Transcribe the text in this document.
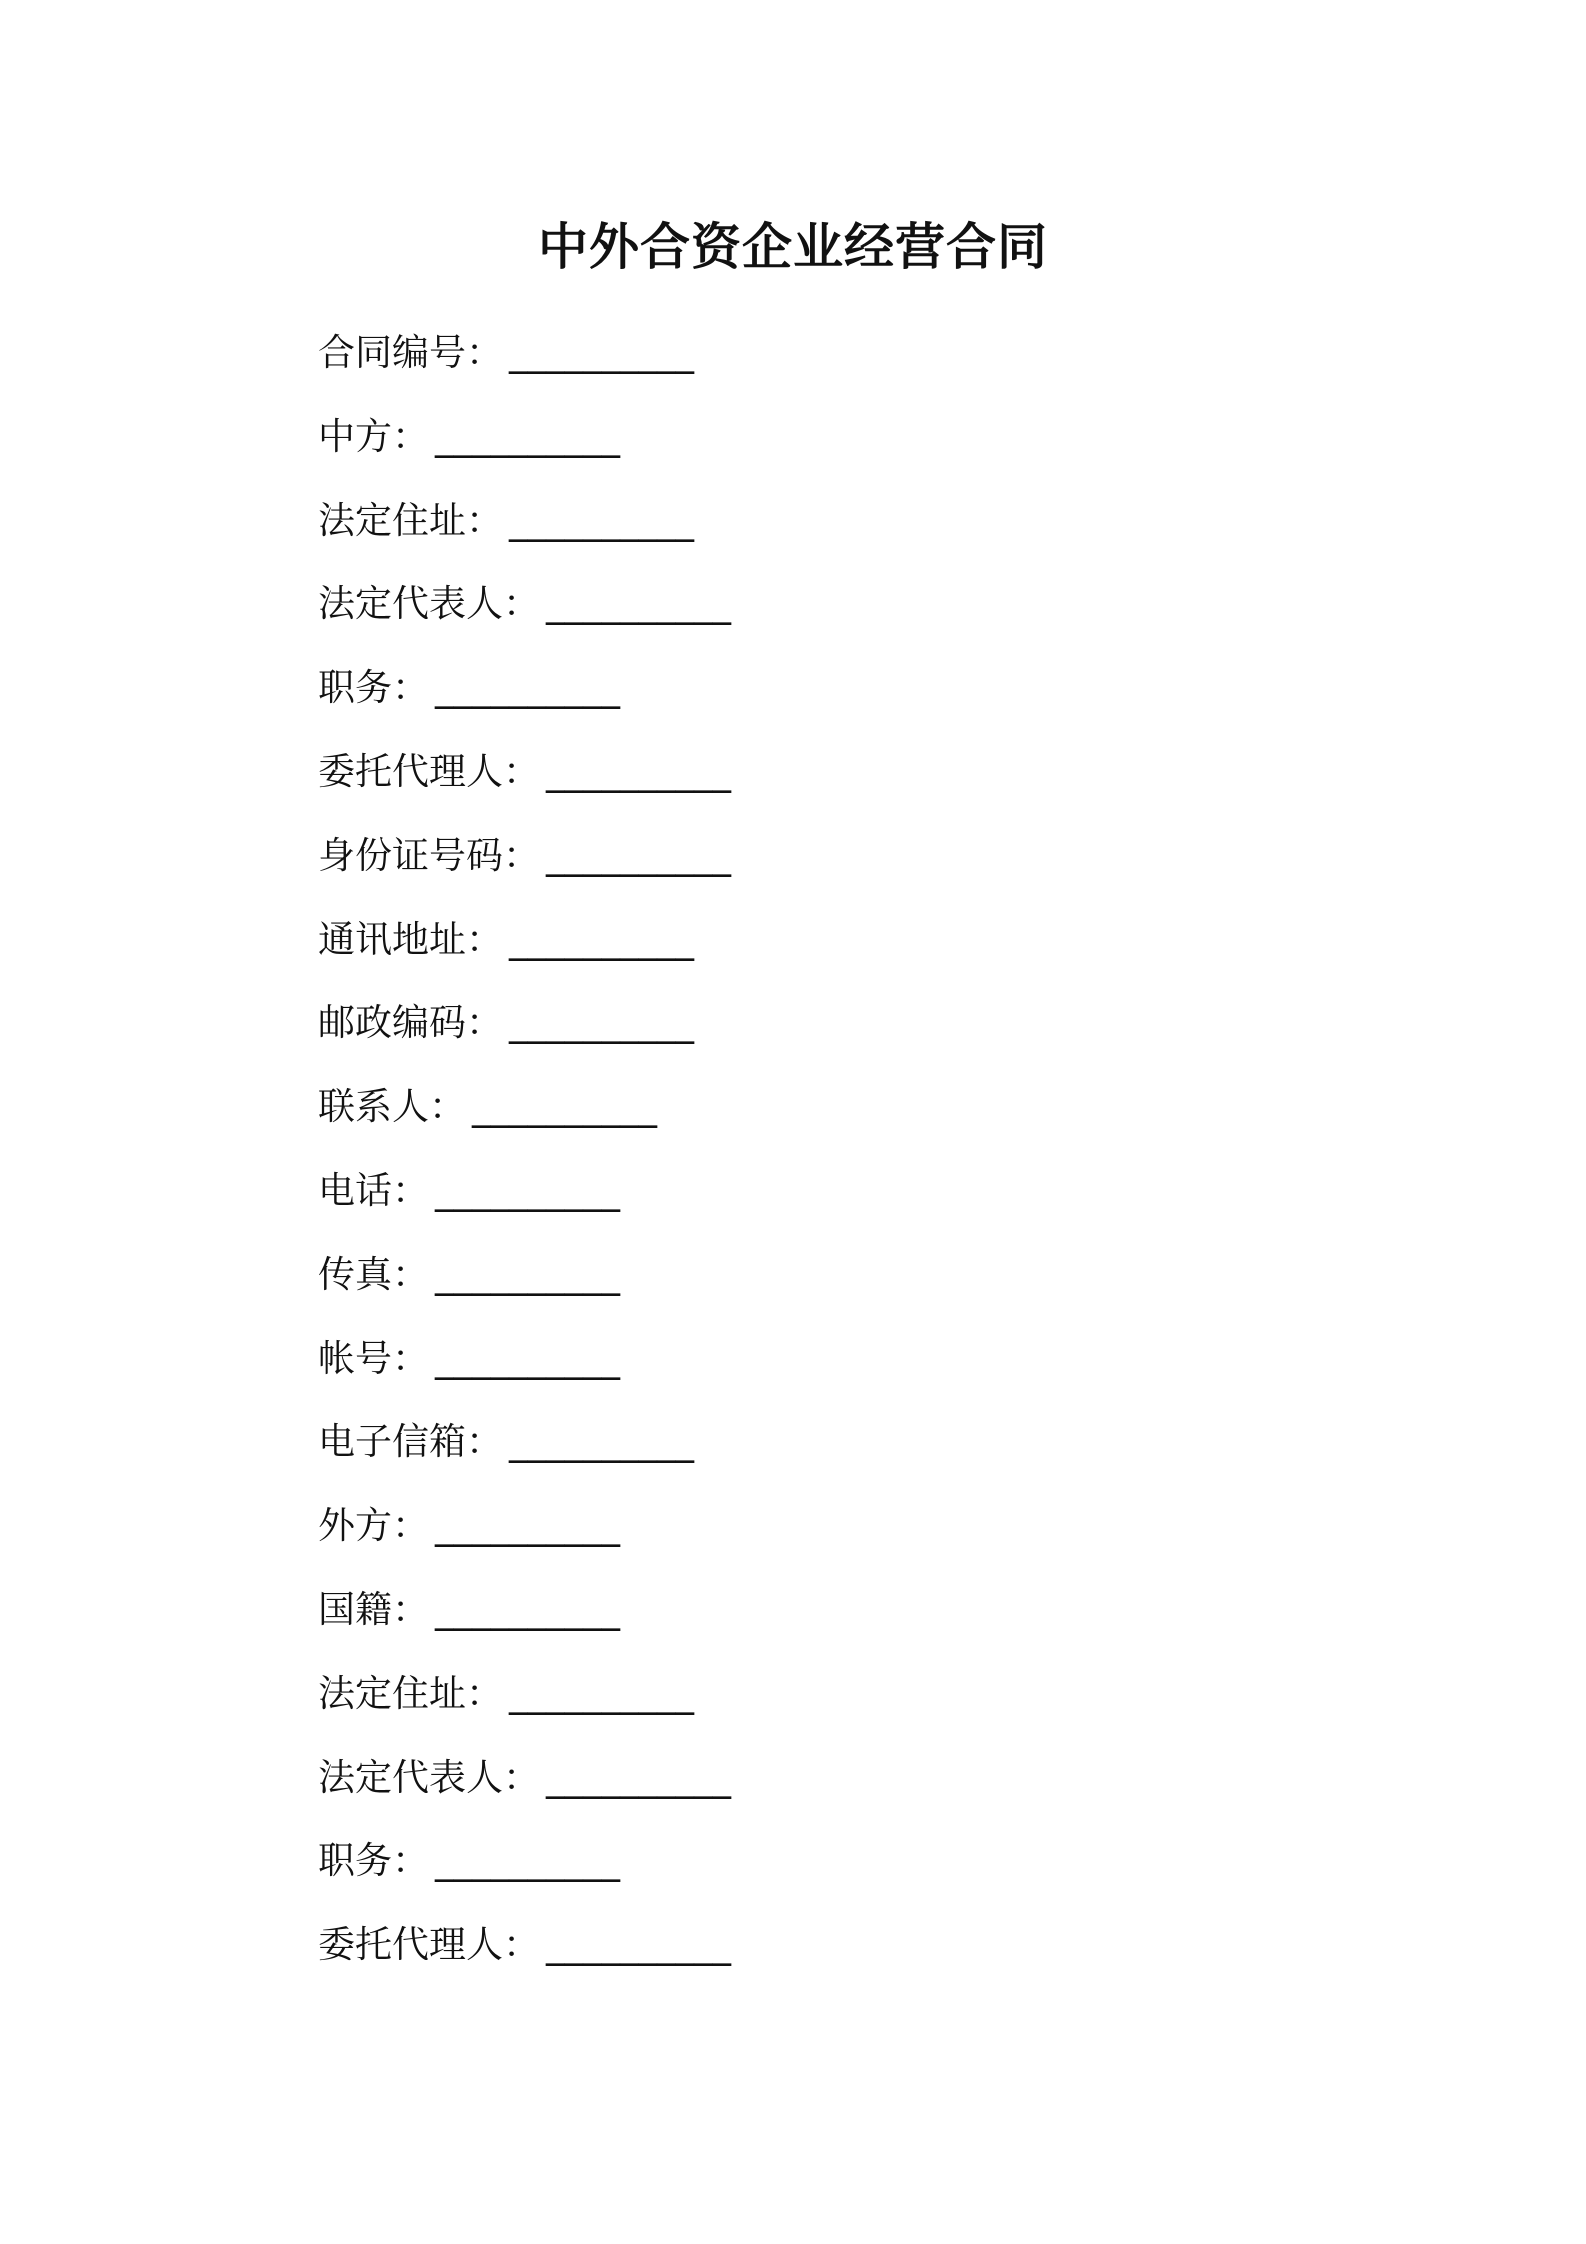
中外合资企业经营合同
合同编号： __________
中方： __________
法定住址： __________
法定代表人： __________
职务： __________
委托代理人： __________
身份证号码： __________
通讯地址： __________
邮政编码： __________
联系人： __________
电话： __________
传真： __________
帐号： __________
电子信箱： __________
外方： __________
国籍： __________
法定住址： __________
法定代表人： __________
职务： __________
委托代理人： __________
